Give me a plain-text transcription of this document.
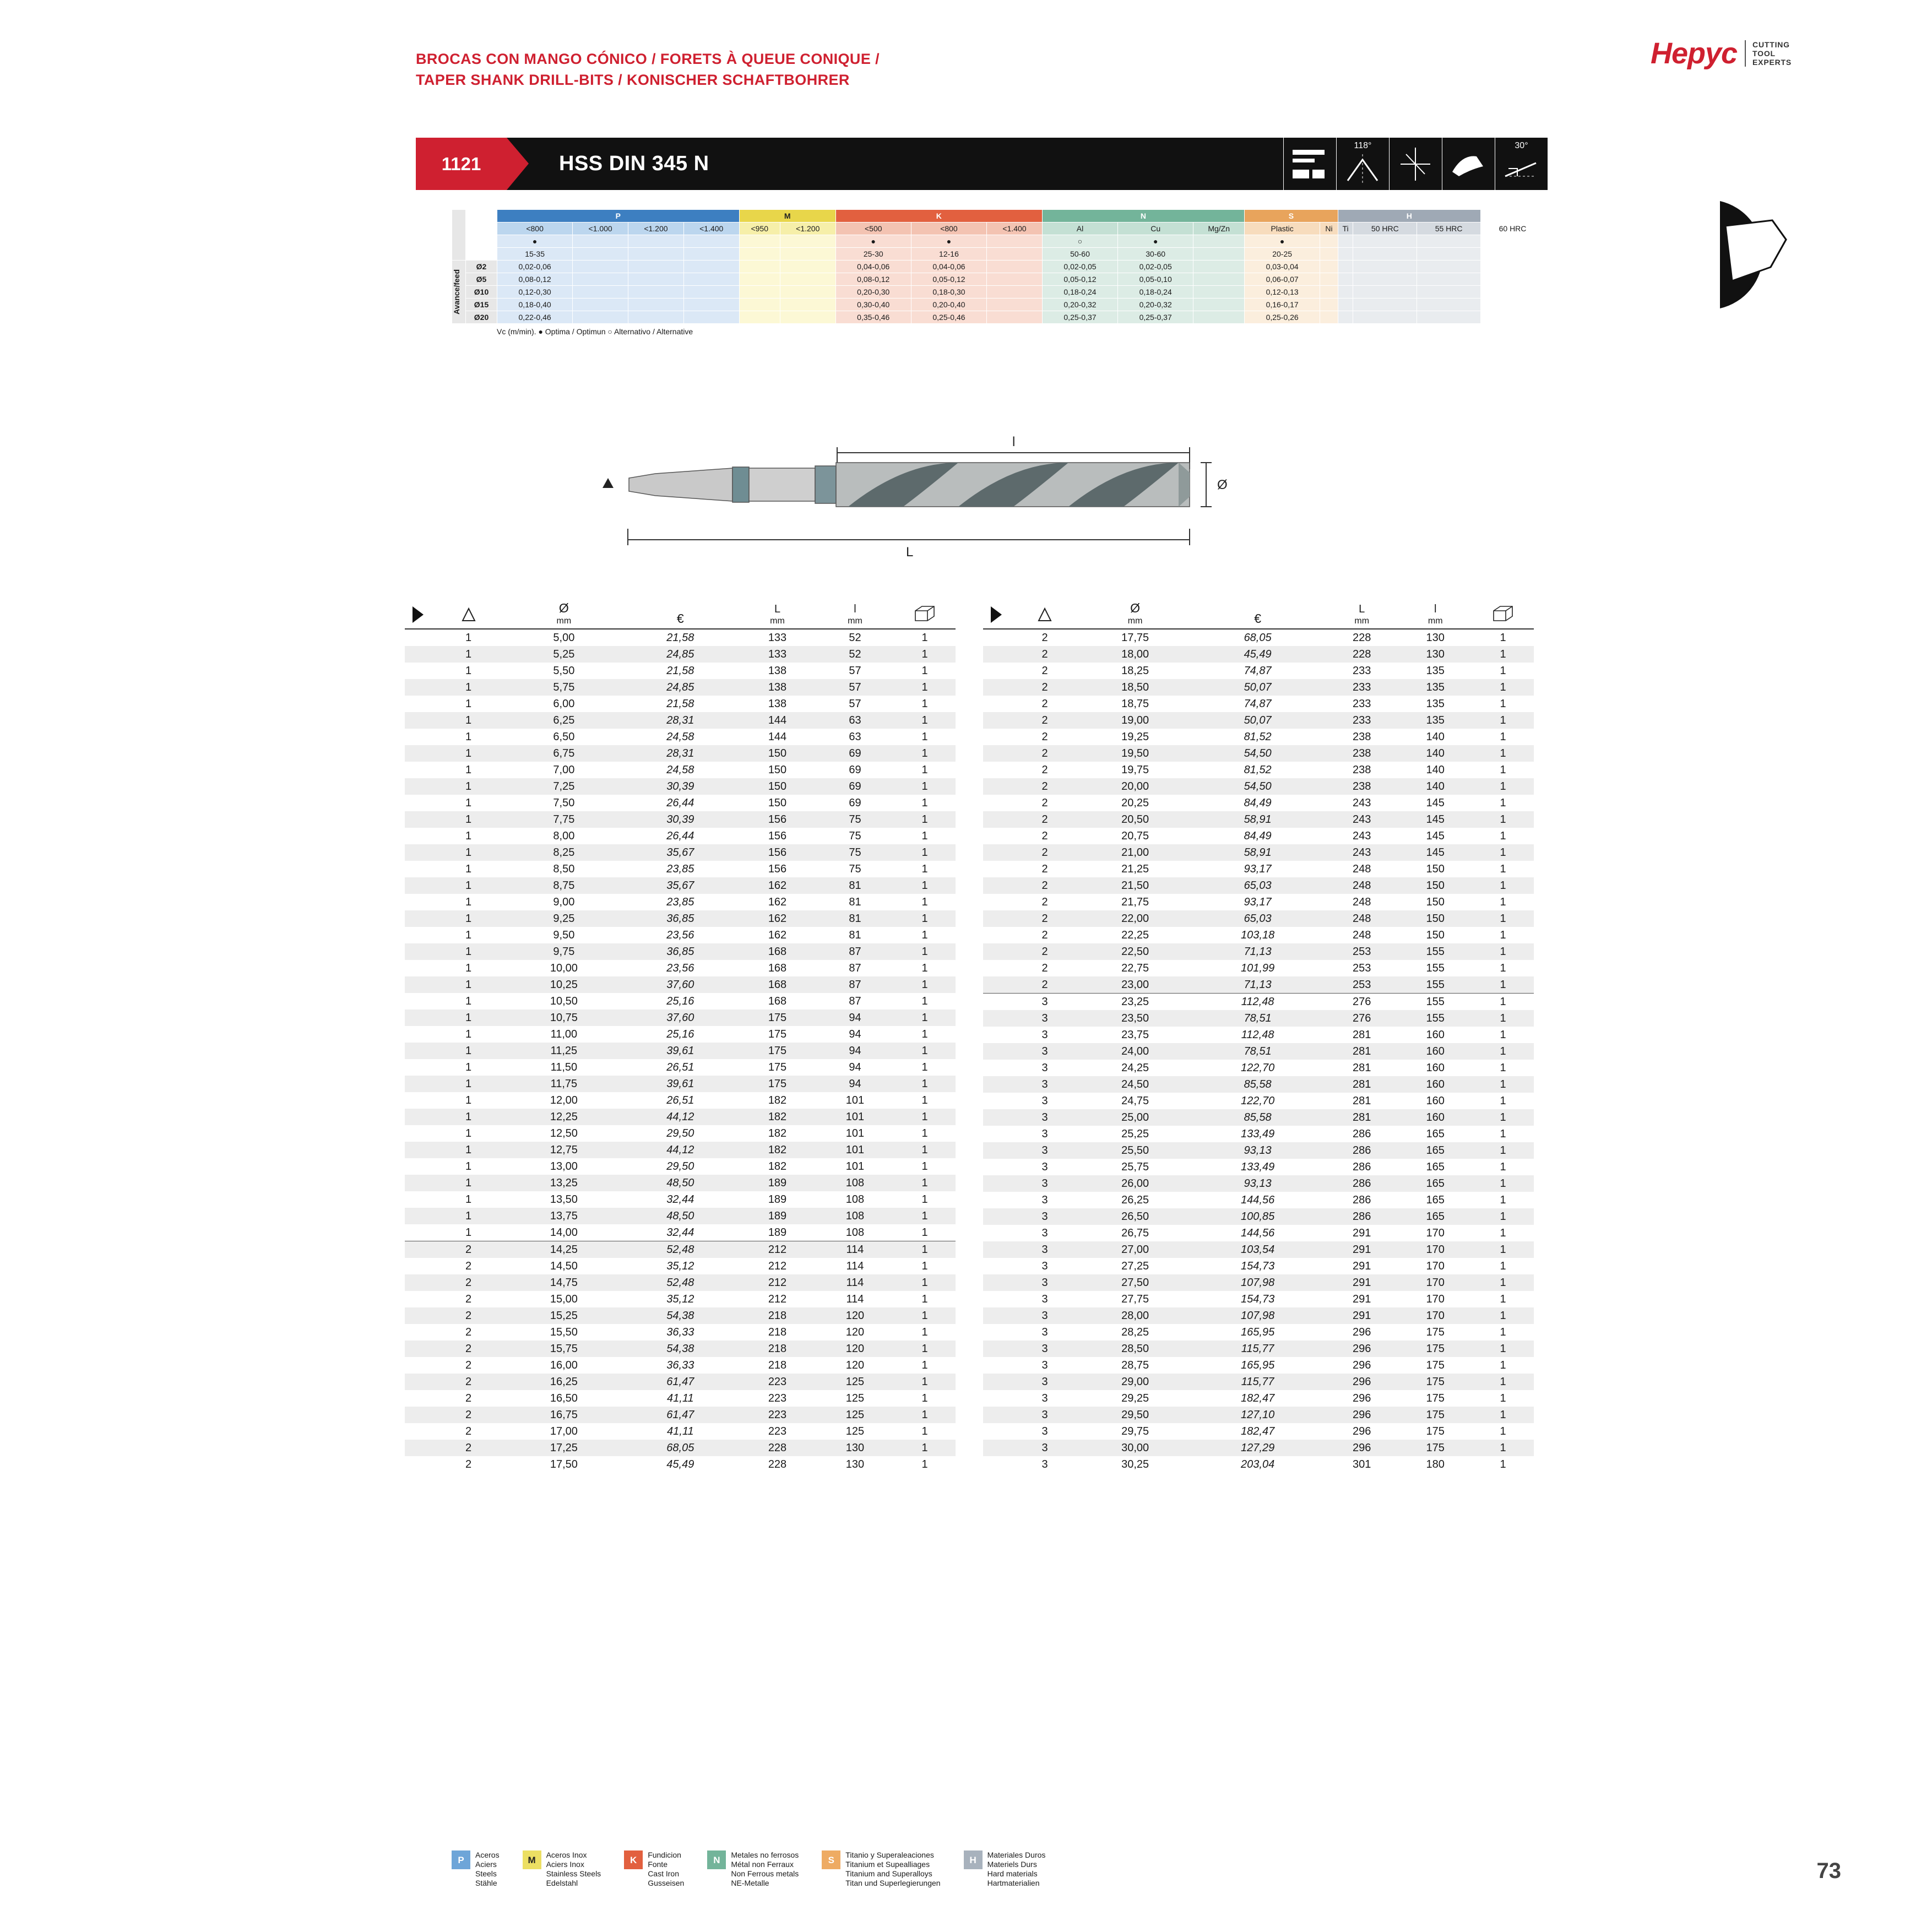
BROCAS CON MANGO CÓNICO / FORETS À QUEUE CONIQUE /
TAPER SHANK DRILL-BITS / KONISCHER SCHAFTBOHRER
Hepyc CUTTING
TOOL
EXPERTS
1121	HSS DIN 345 N
118°	30°
		P				M		K			N			S		H			
		<800	<1.000	<1.200	<1.400	<950	<1.200	<500	<800	<1.400	Al	Cu	Mg/Zn	Plastic	Ni	Ti	50 HRC	55 HRC	60 HRC
		●						●	●		○	●		●					
		15-35						25-30	12-16		50-60	30-60		20-25					

Avance/feed	Ø2	0,02-0,06						0,04-0,06	0,04-0,06		0,02-0,05	0,02-0,05		0,03-0,04					
	Ø5	0,08-0,12						0,08-0,12	0,05-0,12		0,05-0,12	0,05-0,10		0,06-0,07					
	Ø10	0,12-0,30						0,20-0,30	0,18-0,30		0,18-0,24	0,18-0,24		0,12-0,13					
	Ø15	0,18-0,40						0,30-0,40	0,20-0,40		0,20-0,32	0,20-0,32		0,16-0,17					
	Ø20	0,22-0,46						0,35-0,46	0,25-0,46		0,25-0,37	0,25-0,37		0,25-0,26					
Vc (m/min). ● Optima / Optimun ○ Alternativo / Alternative
l
L
Ø
		Ø
mm	€	L
mm	l
mm

	1	5,00	21,58	133	52	1
	1	5,25	24,85	133	52	1
	1	5,50	21,58	138	57	1
	1	5,75	24,85	138	57	1
	1	6,00	21,58	138	57	1
	1	6,25	28,31	144	63	1
	1	6,50	24,58	144	63	1
	1	6,75	28,31	150	69	1
	1	7,00	24,58	150	69	1
	1	7,25	30,39	150	69	1
	1	7,50	26,44	150	69	1
	1	7,75	30,39	156	75	1
	1	8,00	26,44	156	75	1
	1	8,25	35,67	156	75	1
	1	8,50	23,85	156	75	1
	1	8,75	35,67	162	81	1
	1	9,00	23,85	162	81	1
	1	9,25	36,85	162	81	1
	1	9,50	23,56	162	81	1
	1	9,75	36,85	168	87	1
	1	10,00	23,56	168	87	1
	1	10,25	37,60	168	87	1
	1	10,50	25,16	168	87	1
	1	10,75	37,60	175	94	1
	1	11,00	25,16	175	94	1
	1	11,25	39,61	175	94	1
	1	11,50	26,51	175	94	1
	1	11,75	39,61	175	94	1
	1	12,00	26,51	182	101	1
	1	12,25	44,12	182	101	1
	1	12,50	29,50	182	101	1
	1	12,75	44,12	182	101	1
	1	13,00	29,50	182	101	1
	1	13,25	48,50	189	108	1
	1	13,50	32,44	189	108	1
	1	13,75	48,50	189	108	1
	1	14,00	32,44	189	108	1
	2	14,25	52,48	212	114	1
	2	14,50	35,12	212	114	1
	2	14,75	52,48	212	114	1
	2	15,00	35,12	212	114	1
	2	15,25	54,38	218	120	1
	2	15,50	36,33	218	120	1
	2	15,75	54,38	218	120	1
	2	16,00	36,33	218	120	1
	2	16,25	61,47	223	125	1
	2	16,50	41,11	223	125	1
	2	16,75	61,47	223	125	1
	2	17,00	41,11	223	125	1
	2	17,25	68,05	228	130	1
	2	17,50	45,49	228	130	1
		Ø
mm	€	L
mm	l
mm

	2	17,75	68,05	228	130	1
	2	18,00	45,49	228	130	1
	2	18,25	74,87	233	135	1
	2	18,50	50,07	233	135	1
	2	18,75	74,87	233	135	1
	2	19,00	50,07	233	135	1
	2	19,25	81,52	238	140	1
	2	19,50	54,50	238	140	1
	2	19,75	81,52	238	140	1
	2	20,00	54,50	238	140	1
	2	20,25	84,49	243	145	1
	2	20,50	58,91	243	145	1
	2	20,75	84,49	243	145	1
	2	21,00	58,91	243	145	1
	2	21,25	93,17	248	150	1
	2	21,50	65,03	248	150	1
	2	21,75	93,17	248	150	1
	2	22,00	65,03	248	150	1
	2	22,25	103,18	248	150	1
	2	22,50	71,13	253	155	1
	2	22,75	101,99	253	155	1
	2	23,00	71,13	253	155	1
	3	23,25	112,48	276	155	1
	3	23,50	78,51	276	155	1
	3	23,75	112,48	281	160	1
	3	24,00	78,51	281	160	1
	3	24,25	122,70	281	160	1
	3	24,50	85,58	281	160	1
	3	24,75	122,70	281	160	1
	3	25,00	85,58	281	160	1
	3	25,25	133,49	286	165	1
	3	25,50	93,13	286	165	1
	3	25,75	133,49	286	165	1
	3	26,00	93,13	286	165	1
	3	26,25	144,56	286	165	1
	3	26,50	100,85	286	165	1
	3	26,75	144,56	291	170	1
	3	27,00	103,54	291	170	1
	3	27,25	154,73	291	170	1
	3	27,50	107,98	291	170	1
	3	27,75	154,73	291	170	1
	3	28,00	107,98	291	170	1
	3	28,25	165,95	296	175	1
	3	28,50	115,77	296	175	1
	3	28,75	165,95	296	175	1
	3	29,00	115,77	296	175	1
	3	29,25	182,47	296	175	1
	3	29,50	127,10	296	175	1
	3	29,75	182,47	296	175	1
	3	30,00	127,29	296	175	1
	3	30,25	203,04	301	180	1
P	Aceros
Aciers
Steels
Stähle
M	Aceros Inox
Aciers Inox
Stainless Steels
Edelstahl
K	Fundicion
Fonte
Cast Iron
Gusseisen
N	Metales no ferrosos
Métal non Ferraux
Non Ferrous metals
NE-Metalle
S	Titanio y Superaleaciones
Titanium et Supealliages
Titanium and Superalloys
Titan und Superlegierungen
H	Materiales Duros
Materiels Durs
Hard materials
Hartmaterialien	73
